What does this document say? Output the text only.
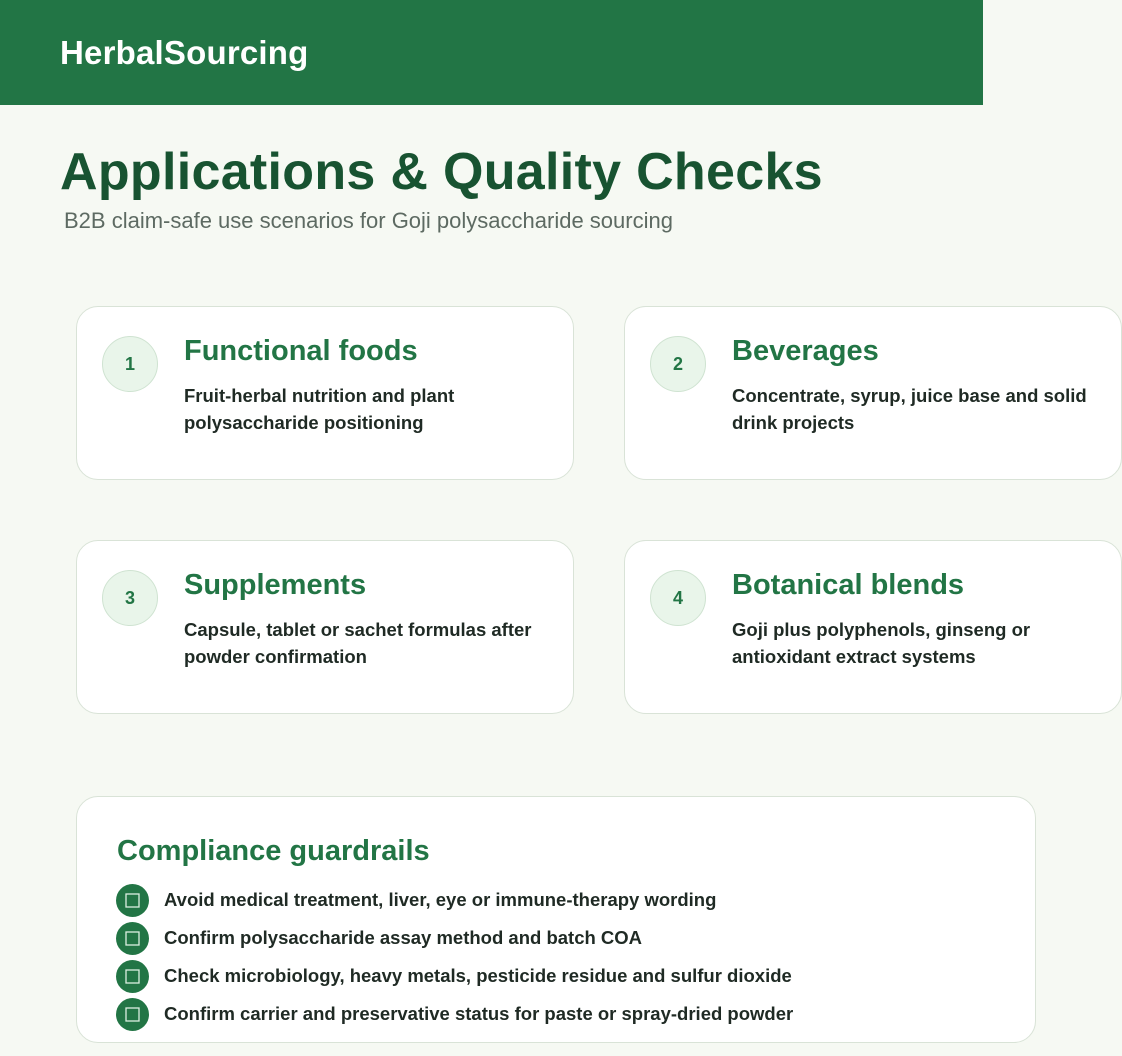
HerbalSourcing
Applications & Quality Checks
B2B claim-safe use scenarios for Goji polysaccharide sourcing
1	Functional foods
Fruit-herbal nutrition and plant polysaccharide positioning
2	Beverages
Concentrate, syrup, juice base and solid drink projects
3	Supplements
Capsule, tablet or sachet formulas after powder confirmation
4	Botanical blends
Goji plus polyphenols, ginseng or antioxidant extract systems
Compliance guardrails
Avoid medical treatment, liver, eye or immune-therapy wording
Confirm polysaccharide assay method and batch COA
Check microbiology, heavy metals, pesticide residue and sulfur dioxide
Confirm carrier and preservative status for paste or spray-dried powder
